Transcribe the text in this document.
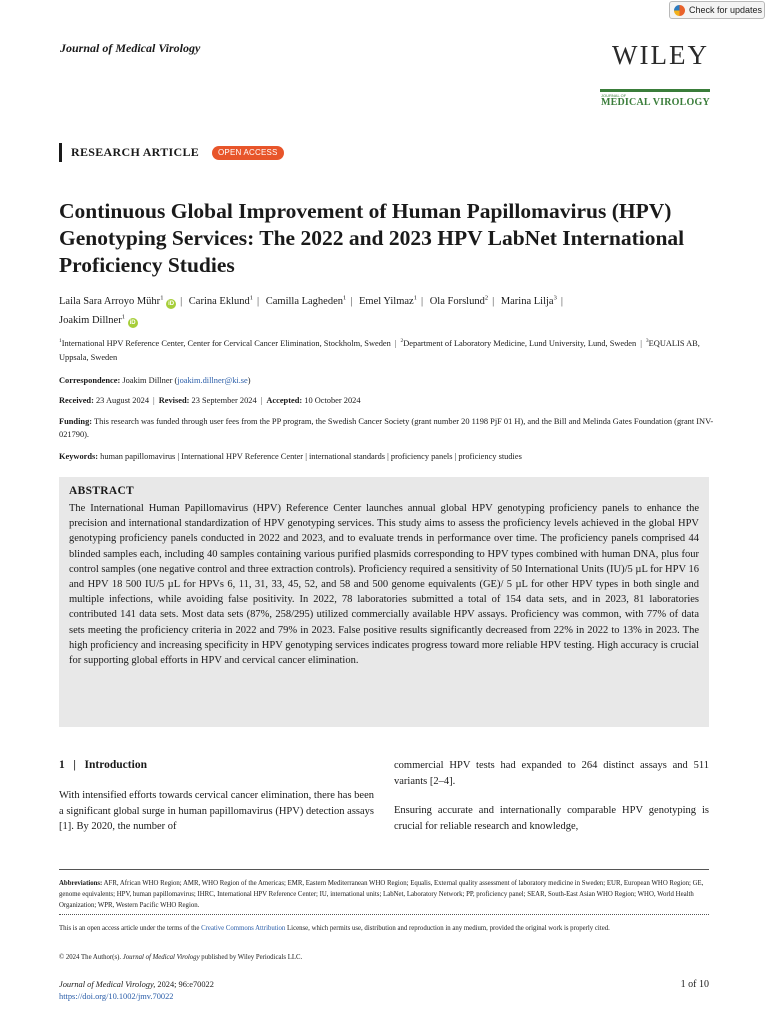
Check for updates
Journal of Medical Virology	WILEY
JOURNAL OF
MEDICAL VIROLOGY
RESEARCH ARTICLE	OPEN ACCESS
Continuous Global Improvement of Human Papillomavirus (HPV) Genotyping Services: The 2022 and 2023 HPV LabNet International Proficiency Studies
Laila Sara Arroyo Mühr$^1$ iD | Carina Eklund$^1$ | Camilla Lagheden$^1$ | Emel Yilmaz$^1$ | Ola Forslund$^2$ | Marina Lilja$^3$ |
Joakim Dillner$^1$ iD
$^1$International HPV Reference Center, Center for Cervical Cancer Elimination, Stockholm, Sweden | $^2$Department of Laboratory Medicine, Lund University, Lund, Sweden | $^3$EQUALIS AB, Uppsala, Sweden
Correspondence: Joakim Dillner (joakim.dillner@ki.se)
Received: 23 August 2024 | Revised: 23 September 2024 | Accepted: 10 October 2024
Funding: This research was funded through user fees from the PP program, the Swedish Cancer Society (grant number 20 1198 PjF 01 H), and the Bill and Melinda Gates Foundation (grant INV-021790).
Keywords: human papillomavirus | International HPV Reference Center | international standards | proficiency panels | proficiency studies
ABSTRACT

The International Human Papillomavirus (HPV) Reference Center launches annual global HPV genotyping proficiency panels to enhance the precision and international standardization of HPV genotyping services. This study aims to assess the proficiency levels achieved in the global HPV genotyping proficiency panels conducted in 2022 and 2023, and to evaluate trends in performance over time. The proficiency panels comprised 44 blinded samples each, including 40 samples containing various purified plasmids corresponding to HPV types combined with human DNA, plus four control samples (one negative control and three extraction controls). Proficiency required a sensitivity of 50 International Units (IU)/5 µL for HPV 16 and HPV 18 500 IU/5 µL for HPVs 6, 11, 31, 33, 45, 52, and 58 and 500 genome equivalents (GE)/ 5 µL for other HPV types in both single and multiple infections, while avoiding false positivity. In 2022, 78 laboratories submitted a total of 154 data sets, and in 2023, 81 laboratories contributed 141 data sets. Most data sets (87%, 258/295) utilized commercially available HPV assays. Proficiency was common, with 77% of data sets meeting the proficiency criteria in 2022 and 79% in 2023. False positive results significantly decreased from 22% in 2022 to 13% in 2023. The high proficiency and increasing specificity in HPV genotyping services indicates progress toward more reliable HPV testing. High accuracy is crucial for supporting global efforts in HPV and cervical cancer elimination.

1 | Introduction

With intensified efforts towards cervical cancer elimination, there has been a significant global surge in human papillomavirus (HPV) detection assays [1]. By 2020, the number of

commercial HPV tests had expanded to 264 distinct assays and 511 variants [2–4].

Ensuring accurate and internationally comparable HPV genotyping is crucial for reliable research and knowledge,

Abbreviations: AFR, African WHO Region; AMR, WHO Region of the Americas; EMR, Eastern Mediterranean WHO Region; Equalis, External quality assessment of laboratory medicine in Sweden; EUR, European WHO Region; GE, genome equivalents; HPV, human papillomavirus; IHRC, International HPV Reference Center; IU, international units; LabNet, Laboratory Network; PP, proficiency panel; SEAR, South-East Asian WHO Region; WHO, World Health Organization; WPR, Western Pacific WHO Region.
This is an open access article under the terms of the Creative Commons Attribution License, which permits use, distribution and reproduction in any medium, provided the original work is properly cited.
© 2024 The Author(s). Journal of Medical Virology published by Wiley Periodicals LLC.
Journal of Medical Virology, 2024; 96:e70022
https://doi.org/10.1002/jmv.70022
1 of 10
